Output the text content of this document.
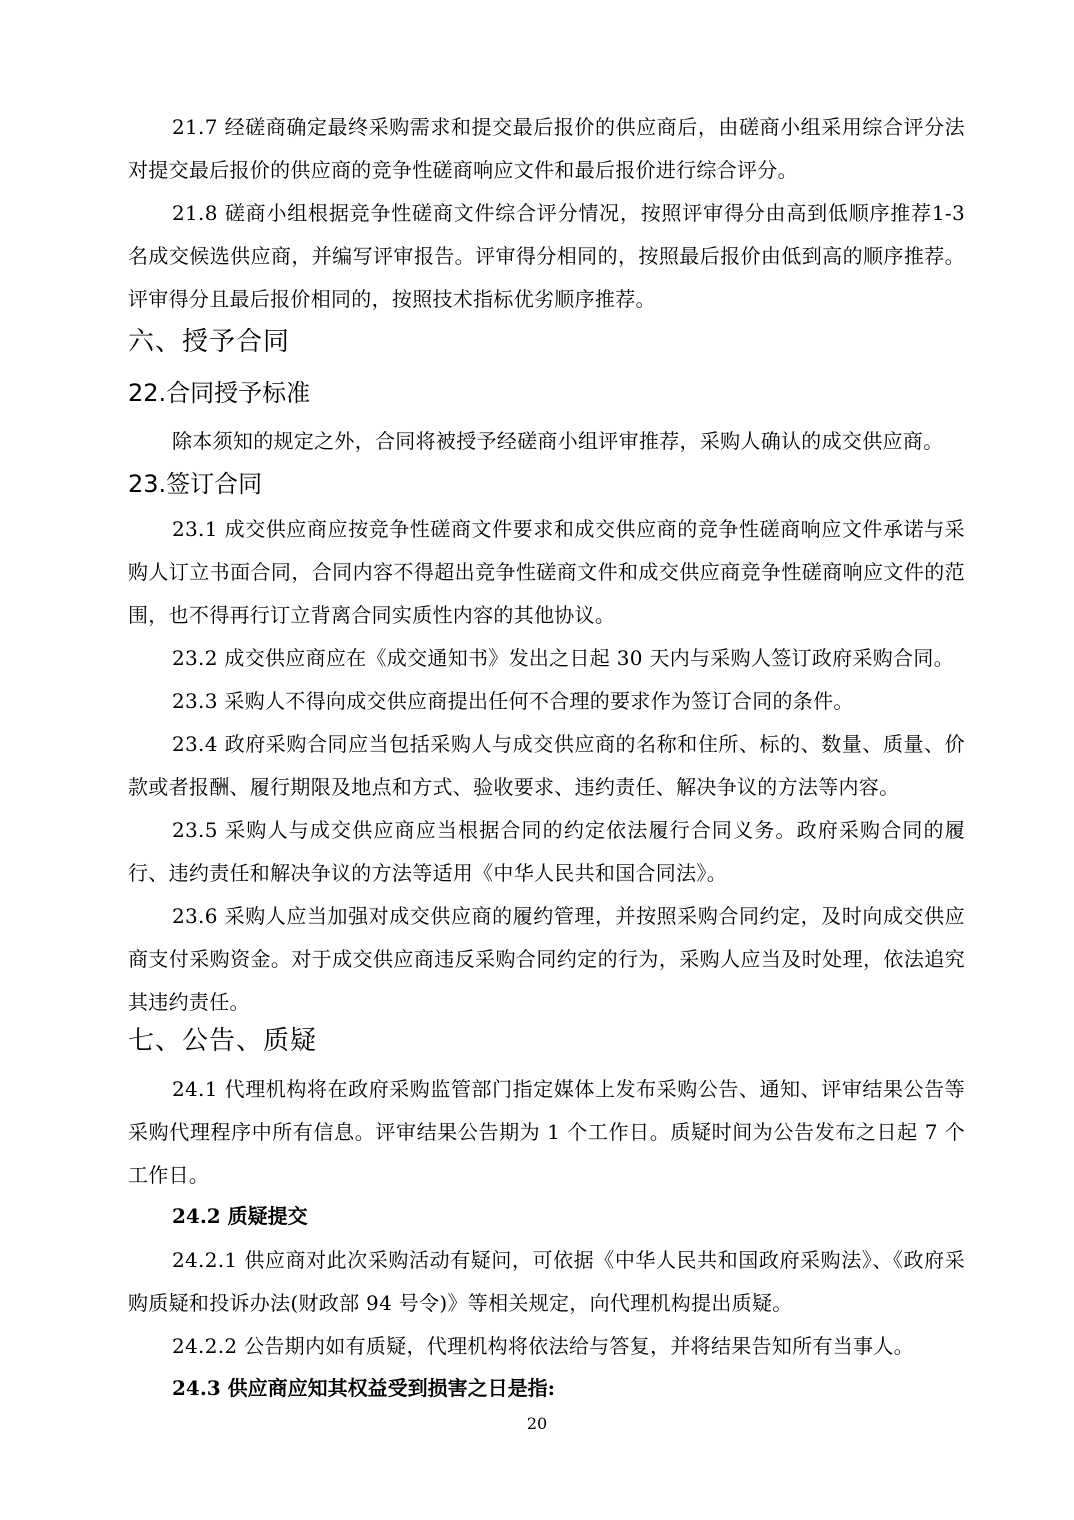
21.7 经磋商确定最终采购需求和提交最后报价的供应商后，由磋商小组采用综合评分法对提交最后报价的供应商的竞争性磋商响应文件和最后报价进行综合评分。

21.8 磋商小组根据竞争性磋商文件综合评分情况，按照评审得分由高到低顺序推荐1-3 名成交候选供应商，并编写评审报告。评审得分相同的，按照最后报价由低到高的顺序推荐。评审得分且最后报价相同的，按照技术指标优劣顺序推荐。

六、授予合同
22.合同授予标准

除本须知的规定之外，合同将被授予经磋商小组评审推荐，采购人确认的成交供应商。

23.签订合同

23.1 成交供应商应按竞争性磋商文件要求和成交供应商的竞争性磋商响应文件承诺与采购人订立书面合同，合同内容不得超出竞争性磋商文件和成交供应商竞争性磋商响应文件的范围，也不得再行订立背离合同实质性内容的其他协议。

23.2 成交供应商应在《成交通知书》发出之日起 30 天内与采购人签订政府采购合同。

23.3 采购人不得向成交供应商提出任何不合理的要求作为签订合同的条件。

23.4 政府采购合同应当包括采购人与成交供应商的名称和住所、标的、数量、质量、价款或者报酬、履行期限及地点和方式、验收要求、违约责任、解决争议的方法等内容。

23.5 采购人与成交供应商应当根据合同的约定依法履行合同义务。政府采购合同的履行、违约责任和解决争议的方法等适用《中华人民共和国合同法》。

23.6 采购人应当加强对成交供应商的履约管理，并按照采购合同约定，及时向成交供应商支付采购资金。对于成交供应商违反采购合同约定的行为，采购人应当及时处理，依法追究其违约责任。

七、公告、质疑

24.1 代理机构将在政府采购监管部门指定媒体上发布采购公告、通知、评审结果公告等采购代理程序中所有信息。评审结果公告期为 1 个工作日。质疑时间为公告发布之日起 7 个工作日。

24.2 质疑提交

24.2.1 供应商对此次采购活动有疑问，可依据《中华人民共和国政府采购法》、《政府采购质疑和投诉办法(财政部 94 号令)》等相关规定，向代理机构提出质疑。

24.2.2 公告期内如有质疑，代理机构将依法给与答复，并将结果告知所有当事人。

24.3 供应商应知其权益受到损害之日是指:

20
